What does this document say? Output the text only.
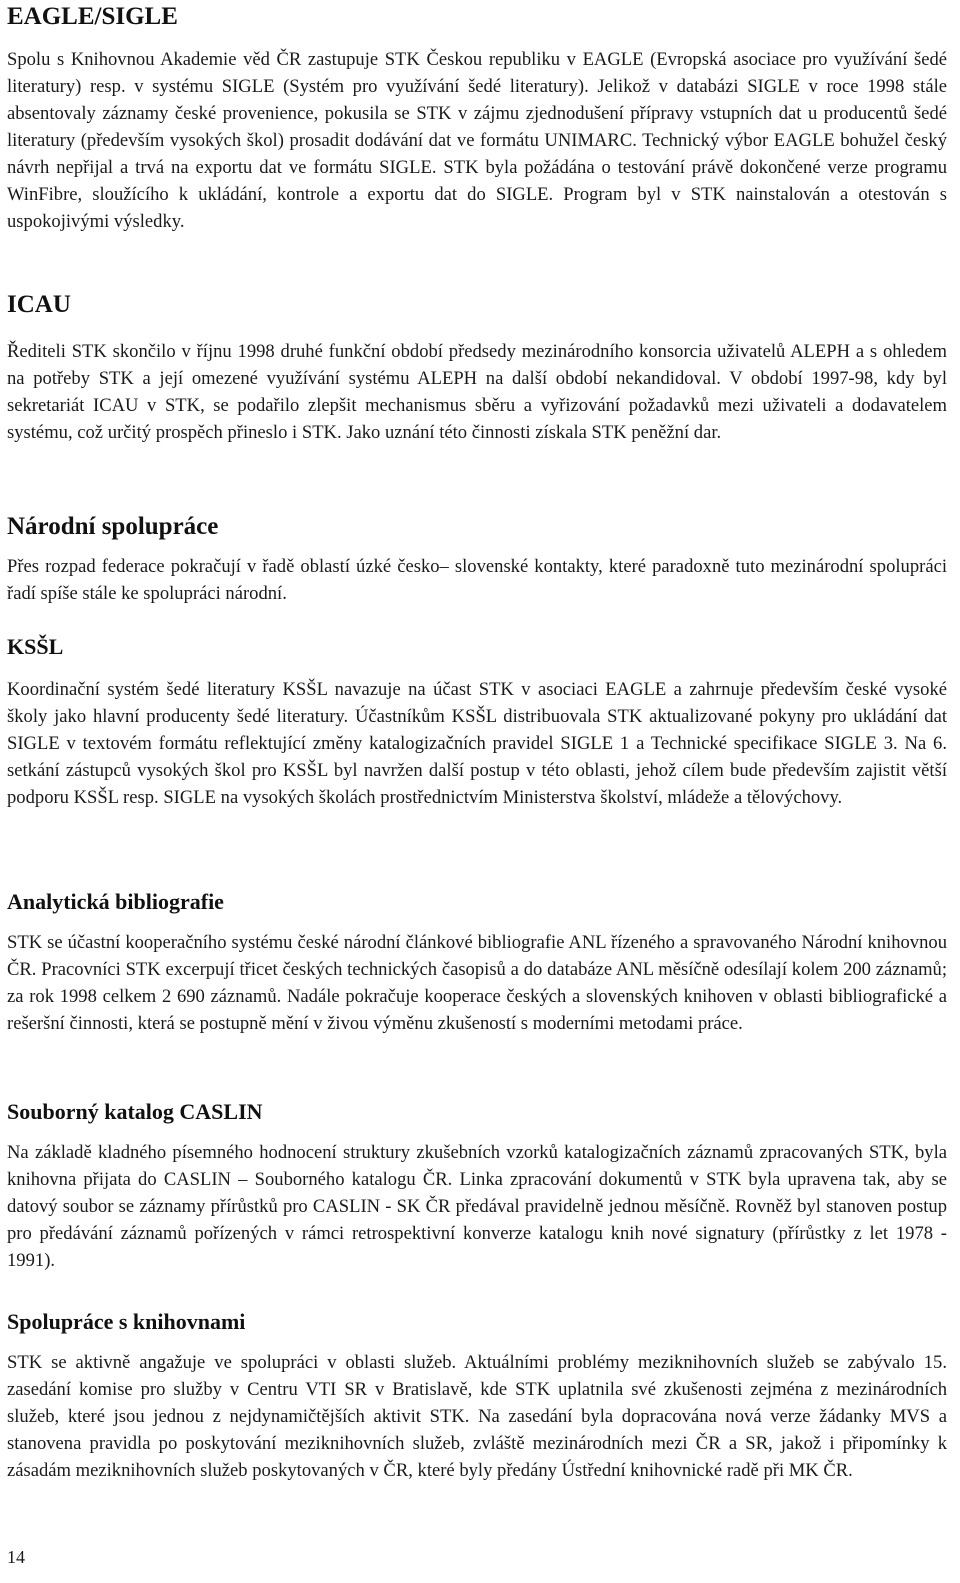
EAGLE/SIGLE

Spolu s Knihovnou Akademie věd ČR zastupuje STK Českou republiku v EAGLE (Evropská asociace pro využívání šedé literatury) resp. v systému SIGLE (Systém pro využívání šedé literatury). Jelikož v databázi SIGLE v roce 1998 stále absentovaly záznamy české provenience, pokusila se STK v zájmu zjednodušení přípravy vstupních dat u producentů šedé literatury (především vysokých škol) prosadit dodávání dat ve formátu UNIMARC. Technický výbor EAGLE bohužel český návrh nepřijal a trvá na exportu dat ve formátu SIGLE. STK byla požádána o testování právě dokončené verze programu WinFibre, sloužícího k ukládání, kontrole a exportu dat do SIGLE. Program byl v STK nainstalován a otestován s uspokojivými výsledky.

ICAU

Řediteli STK skončilo v říjnu 1998 druhé funkční období předsedy mezinárodního konsorcia uživatelů ALEPH a s ohledem na potřeby STK a její omezené využívání systému ALEPH na další období nekandidoval. V období 1997-98, kdy byl sekretariát ICAU v STK, se podařilo zlepšit mechanismus sběru a vyřizování požadavků mezi uživateli a dodavatelem systému, což určitý prospěch přineslo i STK. Jako uznání této činnosti získala STK peněžní dar.

Národní spolupráce

Přes rozpad federace pokračují v řadě oblastí úzké česko– slovenské kontakty, které paradoxně tuto mezinárodní spolupráci řadí spíše stále ke spolupráci národní.

KSŠL

Koordinační systém šedé literatury KSŠL navazuje na účast STK v asociaci EAGLE a zahrnuje především české vysoké školy jako hlavní producenty šedé literatury. Účastníkům KSŠL distribuovala STK aktualizované pokyny pro ukládání dat SIGLE v textovém formátu reflektující změny katalogizačních pravidel SIGLE 1 a Technické specifikace SIGLE 3. Na 6. setkání zástupců vysokých škol pro KSŠL byl navržen další postup v této oblasti, jehož cílem bude především zajistit větší podporu KSŠL resp. SIGLE na vysokých školách prostřednictvím Ministerstva školství, mládeže a tělovýchovy.

Analytická bibliografie

STK se účastní kooperačního systému české národní článkové bibliografie ANL řízeného a spravovaného Národní knihovnou ČR. Pracovníci STK excerpují třicet českých technických časopisů a do databáze ANL měsíčně odesílají kolem 200 záznamů; za rok 1998 celkem 2 690 záznamů. Nadále pokračuje kooperace českých a slovenských knihoven v oblasti bibliografické a rešeršní činnosti, která se postupně mění v živou výměnu zkušeností s moderními metodami práce.

Souborný katalog CASLIN

Na základě kladného písemného hodnocení struktury zkušebních vzorků katalogizačních záznamů zpracovaných STK, byla knihovna přijata do CASLIN – Souborného katalogu ČR. Linka zpracování dokumentů v STK byla upravena tak, aby se datový soubor se záznamy přírůstků pro CASLIN - SK ČR předával pravidelně jednou měsíčně. Rovněž byl stanoven postup pro předávání záznamů pořízených v rámci retrospektivní konverze katalogu knih nové signatury (přírůstky z let 1978 - 1991).

Spolupráce s knihovnami

STK se aktivně angažuje ve spolupráci v oblasti služeb. Aktuálními problémy meziknihovních služeb se zabývalo 15. zasedání komise pro služby v Centru VTI SR v Bratislavě, kde STK uplatnila své zkušenosti zejména z mezinárodních služeb, které jsou jednou z nejdynamičtějších aktivit STK. Na zasedání byla dopracována nová verze žádanky MVS a stanovena pravidla po poskytování meziknihovních služeb, zvláště mezinárodních mezi ČR a SR, jakož i připomínky k zásadám meziknihovních služeb poskytovaných v ČR, které byly předány Ústřední knihovnické radě při MK ČR.

14
